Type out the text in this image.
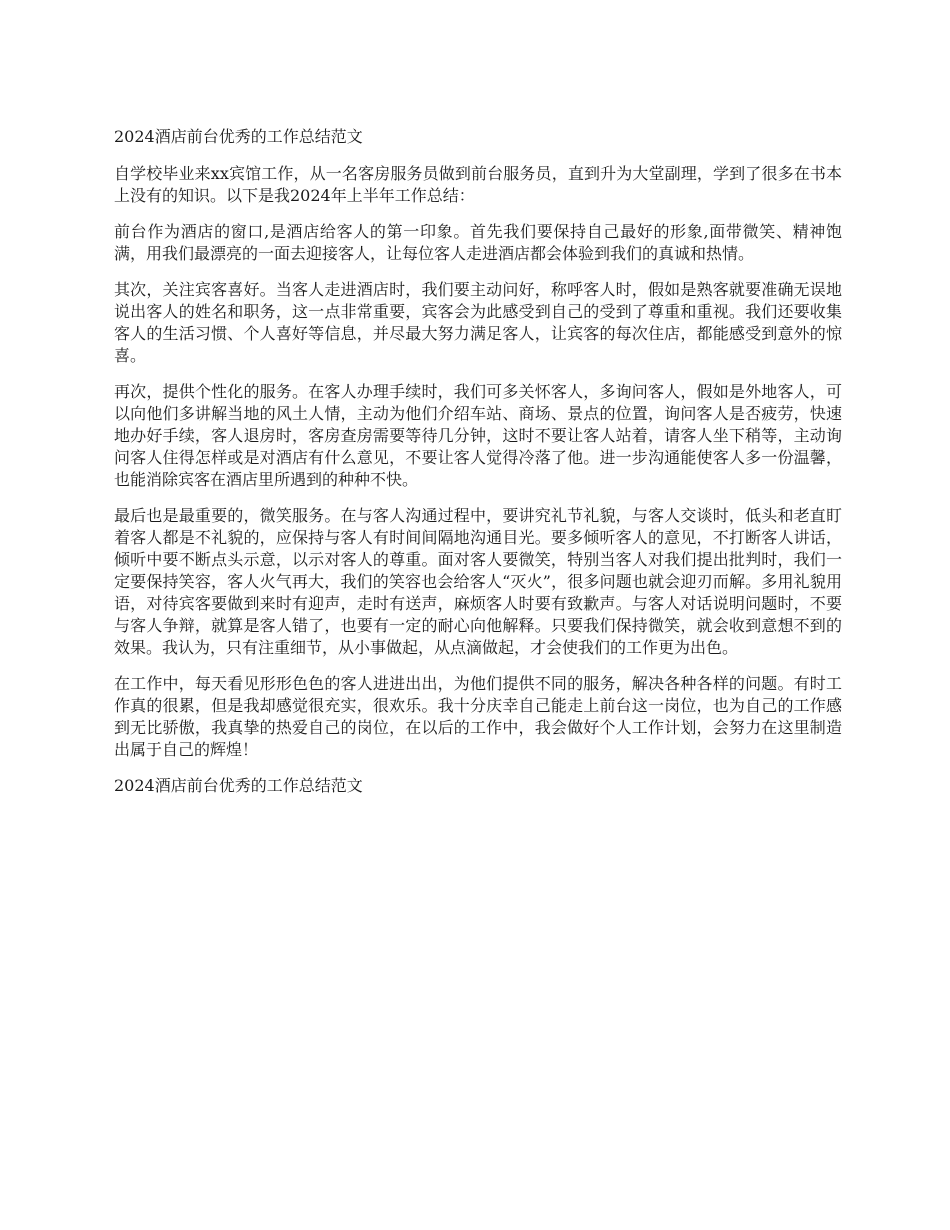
2024酒店前台优秀的工作总结范文

自学校毕业来xx宾馆工作，从一名客房服务员做到前台服务员，直到升为大堂副理，学到了很多在书本上没有的知识。以下是我2024年上半年工作总结：

前台作为酒店的窗口,是酒店给客人的第一印象。首先我们要保持自己最好的形象,面带微笑、精神饱满，用我们最漂亮的一面去迎接客人，让每位客人走进酒店都会体验到我们的真诚和热情。

其次，关注宾客喜好。当客人走进酒店时，我们要主动问好，称呼客人时，假如是熟客就要准确无误地说出客人的姓名和职务，这一点非常重要，宾客会为此感受到自己的受到了尊重和重视。我们还要收集客人的生活习惯、个人喜好等信息，并尽最大努力满足客人，让宾客的每次住店，都能感受到意外的惊喜。

再次，提供个性化的服务。在客人办理手续时，我们可多关怀客人，多询问客人，假如是外地客人，可以向他们多讲解当地的风土人情，主动为他们介绍车站、商场、景点的位置，询问客人是否疲劳，快速地办好手续，客人退房时，客房查房需要等待几分钟，这时不要让客人站着，请客人坐下稍等，主动询问客人住得怎样或是对酒店有什么意见，不要让客人觉得冷落了他。进一步沟通能使客人多一份温馨，也能消除宾客在酒店里所遇到的种种不快。

最后也是最重要的，微笑服务。在与客人沟通过程中，要讲究礼节礼貌，与客人交谈时，低头和老直盯着客人都是不礼貌的，应保持与客人有时间间隔地沟通目光。要多倾听客人的意见，不打断客人讲话，倾听中要不断点头示意，以示对客人的尊重。面对客人要微笑，特别当客人对我们提出批判时，我们一定要保持笑容，客人火气再大，我们的笑容也会给客人“灭火”，很多问题也就会迎刃而解。多用礼貌用语，对待宾客要做到来时有迎声，走时有送声，麻烦客人时要有致歉声。与客人对话说明问题时，不要与客人争辩，就算是客人错了，也要有一定的耐心向他解释。只要我们保持微笑，就会收到意想不到的效果。我认为，只有注重细节，从小事做起，从点滴做起，才会使我们的工作更为出色。

在工作中，每天看见形形色色的客人进进出出，为他们提供不同的服务，解决各种各样的问题。有时工作真的很累，但是我却感觉很充实，很欢乐。我十分庆幸自己能走上前台这一岗位，也为自己的工作感到无比骄傲，我真挚的热爱自己的岗位，在以后的工作中，我会做好个人工作计划，会努力在这里制造出属于自己的辉煌！

2024酒店前台优秀的工作总结范文
